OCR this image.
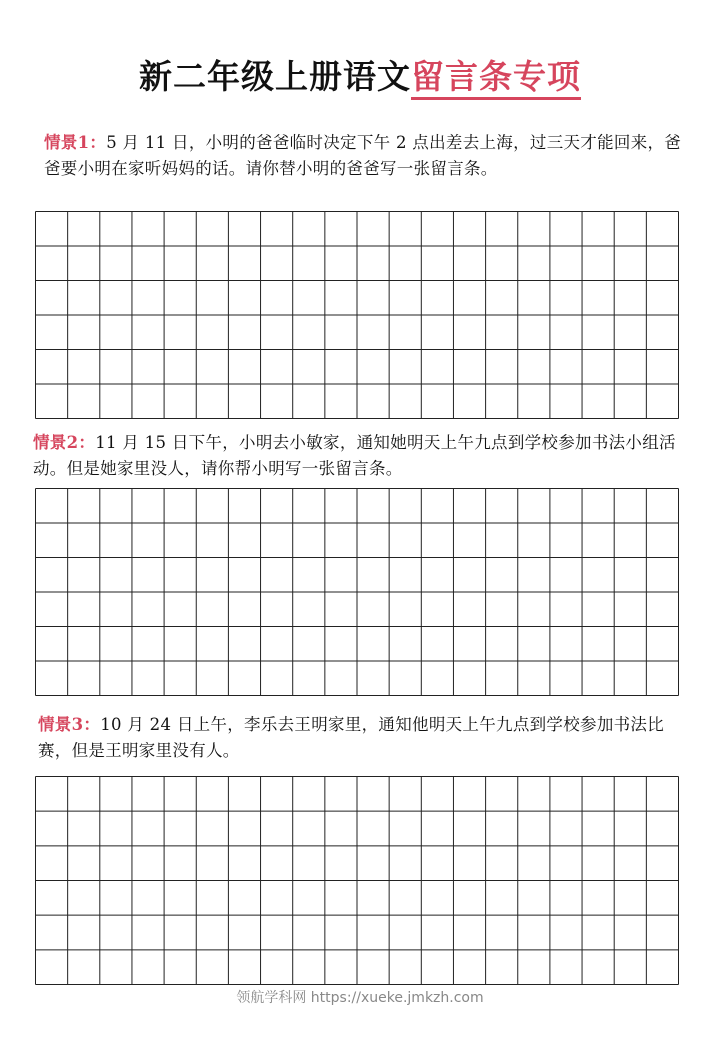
新二年级上册语文留言条专项
情景1：5 月 11 日，小明的爸爸临时决定下午 2 点出差去上海，过三天才能回来，爸爸要小明在家听妈妈的话。请你替小明的爸爸写一张留言条。
情景2：11 月 15 日下午，小明去小敏家，通知她明天上午九点到学校参加书法小组活动。但是她家里没人，请你帮小明写一张留言条。
情景3：10 月 24 日上午，李乐去王明家里，通知他明天上午九点到学校参加书法比赛，但是王明家里没有人。
领航学科网 https://xueke.jmkzh.com
